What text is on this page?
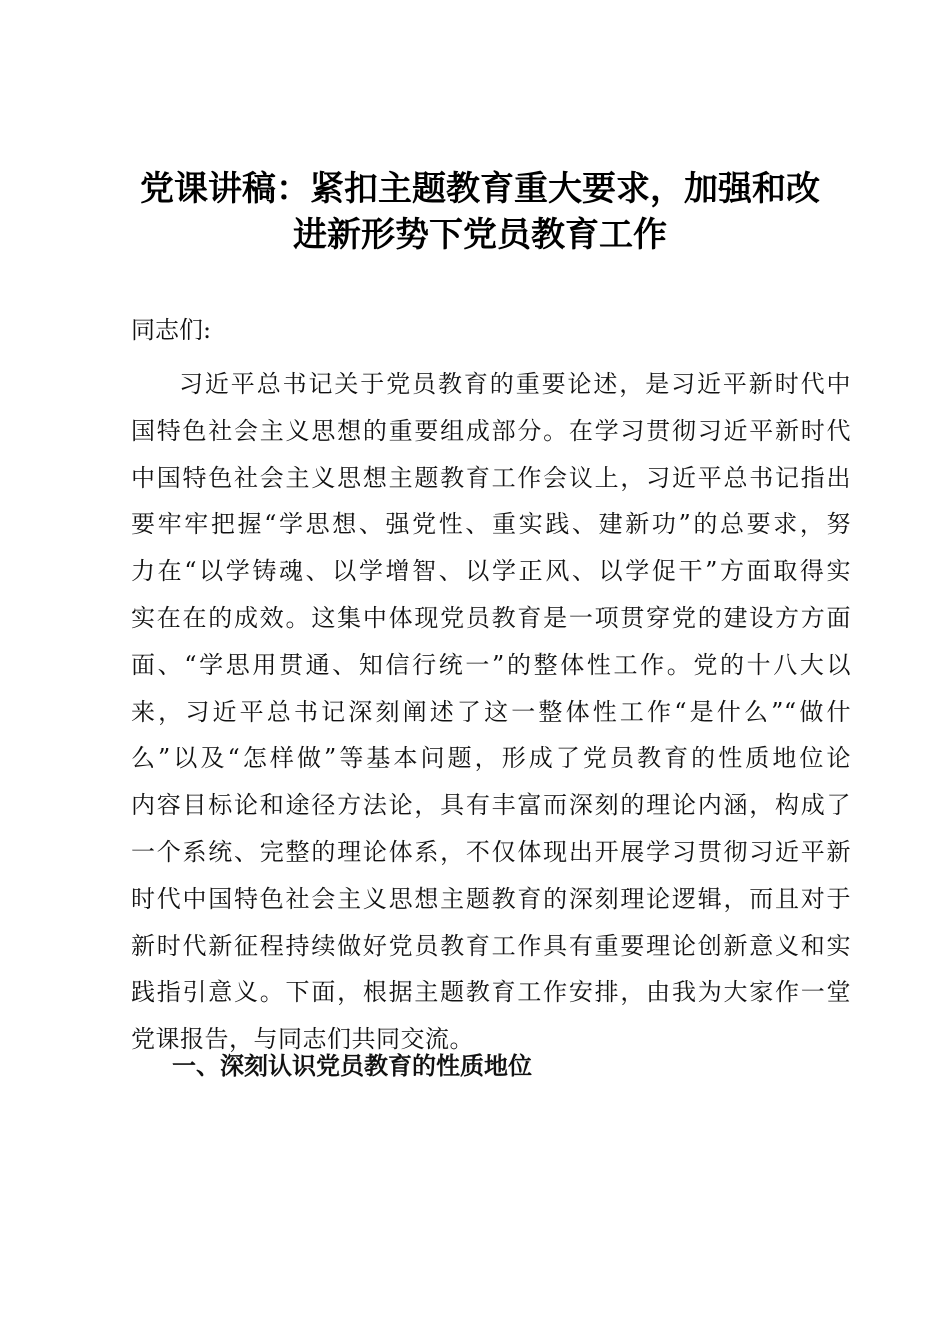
党课讲稿：紧扣主题教育重大要求，加强和改
进新形势下党员教育工作
同志们:
习近平总书记关于党员教育的重要论述，是习近平新时代中
国特色社会主义思想的重要组成部分。在学习贯彻习近平新时代
中国特色社会主义思想主题教育工作会议上，习近平总书记指出
要牢牢把握“学思想、强党性、重实践、建新功”的总要求，努
力在“以学铸魂、以学增智、以学正风、以学促干”方面取得实
实在在的成效。这集中体现党员教育是一项贯穿党的建设方方面
面、“学思用贯通、知信行统一”的整体性工作。党的十八大以
来，习近平总书记深刻阐述了这一整体性工作“是什么”“做什
么”以及“怎样做”等基本问题，形成了党员教育的性质地位论
内容目标论和途径方法论，具有丰富而深刻的理论内涵，构成了
一个系统、完整的理论体系，不仅体现出开展学习贯彻习近平新
时代中国特色社会主义思想主题教育的深刻理论逻辑，而且对于
新时代新征程持续做好党员教育工作具有重要理论创新意义和实
践指引意义。下面，根据主题教育工作安排，由我为大家作一堂
党课报告，与同志们共同交流。
一、深刻认识党员教育的性质地位
